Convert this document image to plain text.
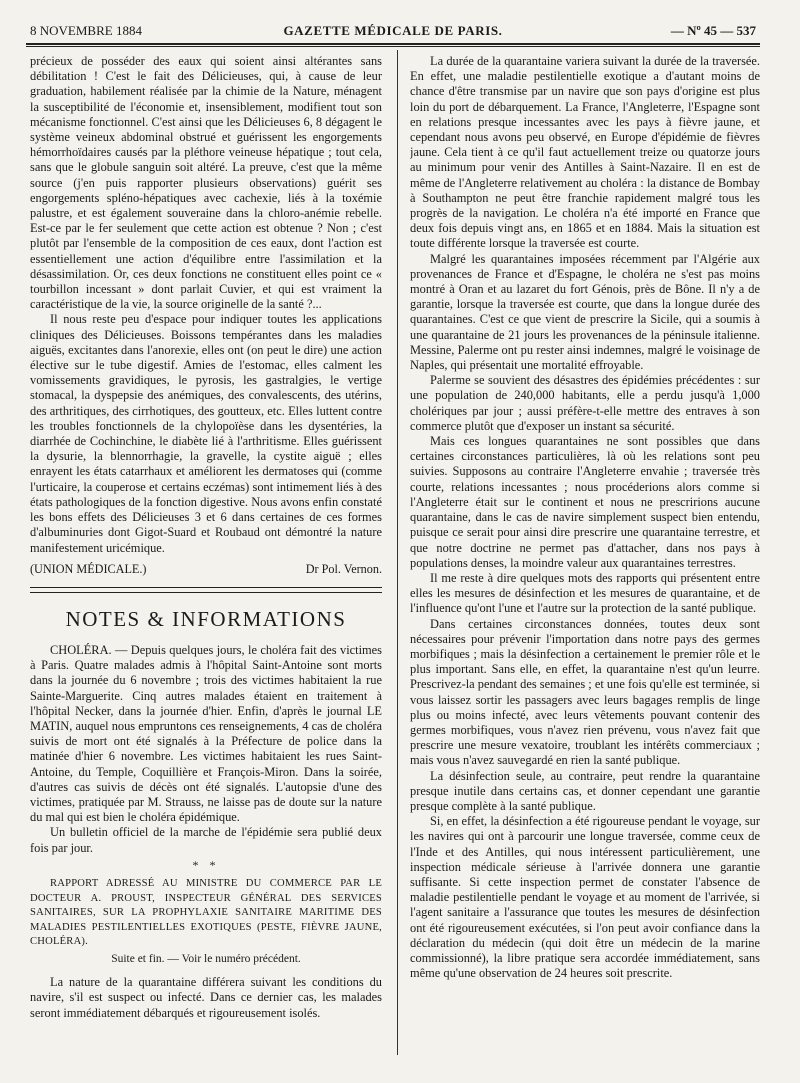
8 NOVEMBRE 1884	GAZETTE MÉDICALE DE PARIS.	— Nº 45 — 537

précieux de posséder des eaux qui soient ainsi altérantes sans débilitation ! C'est le fait des Délicieuses, qui, à cause de leur graduation, habilement réalisée par la chimie de la Nature, ménagent la susceptibilité de l'économie et, insensiblement, modifient tout son mécanisme fonctionnel. C'est ainsi que les Délicieuses 6, 8 dégagent le système veineux abdominal obstrué et guérissent les engorgements hémorrhoïdaires causés par la pléthore veineuse hépatique ; tout cela, sans que le globule sanguin soit altéré. La preuve, c'est que la même source (j'en puis rapporter plusieurs observations) guérit ses engorgements spléno-hépatiques avec cachexie, liés à la toxémie palustre, et est également souveraine dans la chloro-anémie rebelle. Est-ce par le fer seulement que cette action est obtenue ? Non ; c'est plutôt par l'ensemble de la composition de ces eaux, dont l'action est essentiellement une action d'équilibre entre l'assimilation et la désassimilation. Or, ces deux fonctions ne constituent elles point ce « tourbillon incessant » dont parlait Cuvier, et qui est vraiment la caractéristique de la vie, la source originelle de la santé ?...

Il nous reste peu d'espace pour indiquer toutes les applications cliniques des Délicieuses. Boissons tempérantes dans les maladies aiguës, excitantes dans l'anorexie, elles ont (on peut le dire) une action élective sur le tube digestif. Amies de l'estomac, elles calment les vomissements gravidiques, le pyrosis, les gastralgies, le vertige stomacal, la dyspepsie des anémiques, des convalescents, des utérins, des arthritiques, des cirrhotiques, des goutteux, etc. Elles luttent contre les troubles fonctionnels de la chylopoïèse dans les dysentéries, la diarrhée de Cochinchine, le diabète lié à l'arthritisme. Elles guérissent la dysurie, la blennorrhagie, la gravelle, la cystite aiguë ; elles enrayent les états catarrhaux et améliorent les dermatoses qui (comme l'urticaire, la couperose et certains eczémas) sont intimement liés à des états pathologiques de la fonction digestive. Nous avons enfin constaté les bons effets des Délicieuses 3 et 6 dans certaines de ces formes d'albuminuries dont Gigot-Suard et Roubaud ont démontré la nature manifestement uricémique.

(UNION MÉDICALE.)	Dr Pol. Vernon.
NOTES & INFORMATIONS

CHOLÉRA. — Depuis quelques jours, le choléra fait des victimes à Paris. Quatre malades admis à l'hôpital Saint-Antoine sont morts dans la journée du 6 novembre ; trois des victimes habitaient la rue Sainte-Marguerite. Cinq autres malades étaient en traitement à l'hôpital Necker, dans la journée d'hier. Enfin, d'après le journal LE MATIN, auquel nous empruntons ces renseignements, 4 cas de choléra suivis de mort ont été signalés à la Préfecture de police dans la matinée d'hier 6 novembre. Les victimes habitaient les rues Saint-Antoine, du Temple, Coquillière et François-Miron. Dans la soirée, d'autres cas suivis de décès ont été signalés. L'autopsie d'une des victimes, pratiquée par M. Strauss, ne laisse pas de doute sur la nature du mal qui est bien le choléra épidémique.

Un bulletin officiel de la marche de l'épidémie sera publié deux fois par jour.

* *

RAPPORT ADRESSÉ AU MINISTRE DU COMMERCE PAR LE DOCTEUR A. PROUST, INSPECTEUR GÉNÉRAL DES SERVICES SANITAIRES, SUR LA PROPHYLAXIE SANITAIRE MARITIME DES MALADIES PESTILENTIELLES EXOTIQUES (PESTE, FIÈVRE JAUNE, CHOLÉRA).

Suite et fin. — Voir le numéro précédent.

La nature de la quarantaine différera suivant les conditions du navire, s'il est suspect ou infecté. Dans ce dernier cas, les malades seront immédiatement débarqués et rigoureusement isolés.

La durée de la quarantaine variera suivant la durée de la traversée. En effet, une maladie pestilentielle exotique a d'autant moins de chance d'être transmise par un navire que son pays d'origine est plus loin du port de débarquement. La France, l'Angleterre, l'Espagne sont en relations presque incessantes avec les pays à fièvre jaune, et cependant nous avons peu observé, en Europe d'épidémie de fièvres jaune. Cela tient à ce qu'il faut actuellement treize ou quatorze jours au minimum pour venir des Antilles à Saint-Nazaire. Il en est de même de l'Angleterre relativement au choléra : la distance de Bombay à Southampton ne peut être franchie rapidement malgré tous les progrès de la navigation. Le choléra n'a été importé en France que deux fois depuis vingt ans, en 1865 et en 1884. Mais la situation est toute différente lorsque la traversée est courte.

Malgré les quarantaines imposées récemment par l'Algérie aux provenances de France et d'Espagne, le choléra ne s'est pas moins montré à Oran et au lazaret du fort Génois, près de Bône. Il n'y a de garantie, lorsque la traversée est courte, que dans la longue durée des quarantaines. C'est ce que vient de prescrire la Sicile, qui a soumis à une quarantaine de 21 jours les provenances de la péninsule italienne. Messine, Palerme ont pu rester ainsi indemnes, malgré le voisinage de Naples, qui présentait une mortalité effroyable.

Palerme se souvient des désastres des épidémies précédentes : sur une population de 240,000 habitants, elle a perdu jusqu'à 1,000 cholériques par jour ; aussi préfère-t-elle mettre des entraves à son commerce plutôt que d'exposer un instant sa sécurité.

Mais ces longues quarantaines ne sont possibles que dans certaines circonstances particulières, là où les relations sont peu suivies. Supposons au contraire l'Angleterre envahie ; traversée très courte, relations incessantes ; nous procéderions alors comme si l'Angleterre était sur le continent et nous ne prescririons aucune quarantaine, dans le cas de navire simplement suspect bien entendu, puisque ce serait pour ainsi dire prescrire une quarantaine terrestre, et que notre doctrine ne permet pas d'attacher, dans nos pays à populations denses, la moindre valeur aux quarantaines terrestres.

Il me reste à dire quelques mots des rapports qui présentent entre elles les mesures de désinfection et les mesures de quarantaine, et de l'influence qu'ont l'une et l'autre sur la protection de la santé publique.

Dans certaines circonstances données, toutes deux sont nécessaires pour prévenir l'importation dans notre pays des germes morbifiques ; mais la désinfection a certainement le premier rôle et le plus important. Sans elle, en effet, la quarantaine n'est qu'un leurre. Prescrivez-la pendant des semaines ; et une fois qu'elle est terminée, si vous laissez sortir les passagers avec leurs bagages remplis de linge plus ou moins infecté, avec leurs vêtements pouvant contenir des germes morbifiques, vous n'avez rien prévenu, vous n'avez fait que prescrire une mesure vexatoire, troublant les intérêts commerciaux ; mais vous n'avez sauvegardé en rien la santé publique.

La désinfection seule, au contraire, peut rendre la quarantaine presque inutile dans certains cas, et donner cependant une garantie presque complète à la santé publique.

Si, en effet, la désinfection a été rigoureuse pendant le voyage, sur les navires qui ont à parcourir une longue traversée, comme ceux de l'Inde et des Antilles, qui nous intéressent particulièrement, une inspection médicale sérieuse à l'arrivée donnera une garantie suffisante. Si cette inspection permet de constater l'absence de maladie pestilentielle pendant le voyage et au moment de l'arrivée, si l'agent sanitaire a l'assurance que toutes les mesures de désinfection ont été rigoureusement exécutées, si l'on peut avoir confiance dans la déclaration du médecin (qui doit être un médecin de la marine commissionné), la libre pratique sera accordée immédiatement, sans même qu'une observation de 24 heures soit prescrite.
